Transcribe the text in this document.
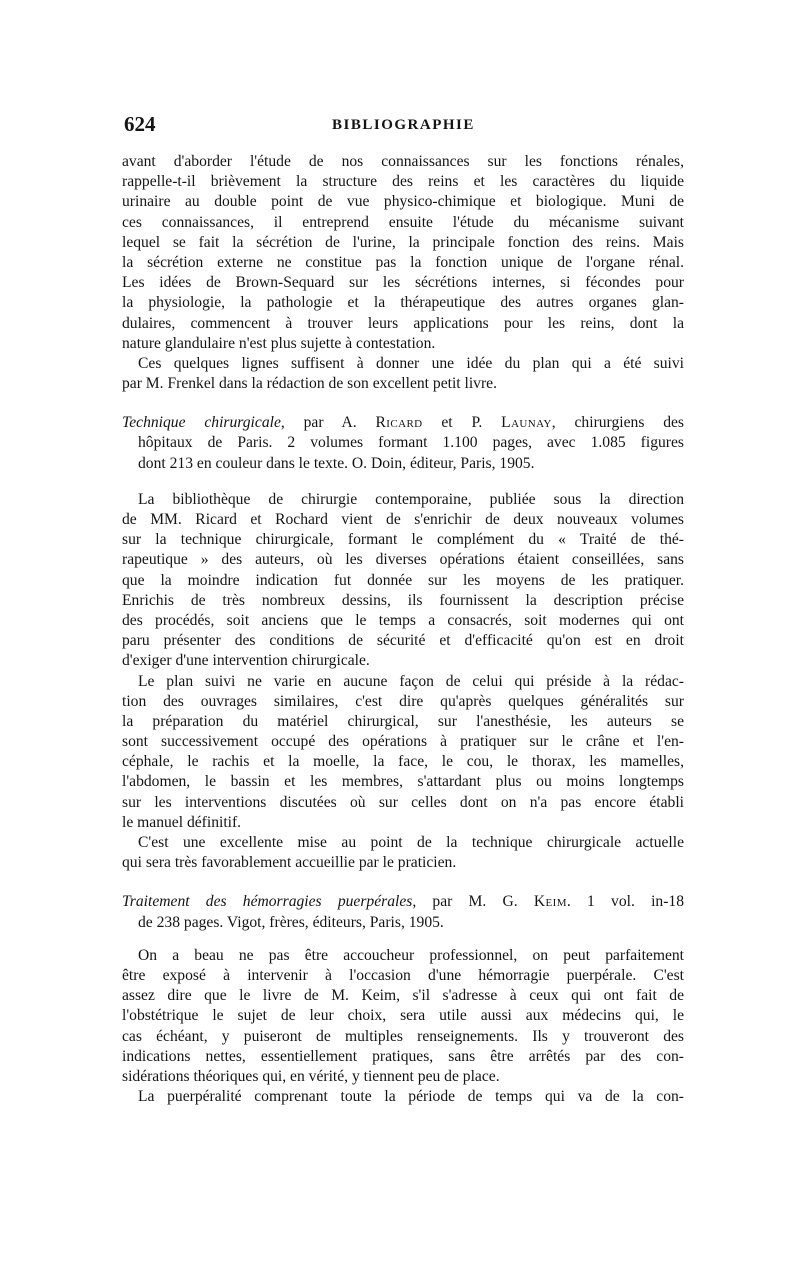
624	BIBLIOGRAPHIE
avant d'aborder l'étude de nos connaissances sur les fonctions rénales,
rappelle-t-il brièvement la structure des reins et les caractères du liquide
urinaire au double point de vue physico-chimique et biologique. Muni de
ces connaissances, il entreprend ensuite l'étude du mécanisme suivant
lequel se fait la sécrétion de l'urine, la principale fonction des reins. Mais
la sécrétion externe ne constitue pas la fonction unique de l'organe rénal.
Les idées de Brown-Sequard sur les sécrétions internes, si fécondes pour
la physiologie, la pathologie et la thérapeutique des autres organes glan-
dulaires, commencent à trouver leurs applications pour les reins, dont la
nature glandulaire n'est plus sujette à contestation.
Ces quelques lignes suffisent à donner une idée du plan qui a été suivi
par M. Frenkel dans la rédaction de son excellent petit livre.
Technique chirurgicale, par A. Ricard et P. Launay, chirurgiens des
hôpitaux de Paris. 2 volumes formant 1.100 pages, avec 1.085 figures
dont 213 en couleur dans le texte. O. Doin, éditeur, Paris, 1905.
La bibliothèque de chirurgie contemporaine, publiée sous la direction
de MM. Ricard et Rochard vient de s'enrichir de deux nouveaux volumes
sur la technique chirurgicale, formant le complément du « Traité de thé-
rapeutique » des auteurs, où les diverses opérations étaient conseillées, sans
que la moindre indication fut donnée sur les moyens de les pratiquer.
Enrichis de très nombreux dessins, ils fournissent la description précise
des procédés, soit anciens que le temps a consacrés, soit modernes qui ont
paru présenter des conditions de sécurité et d'efficacité qu'on est en droit
d'exiger d'une intervention chirurgicale.
Le plan suivi ne varie en aucune façon de celui qui préside à la rédac-
tion des ouvrages similaires, c'est dire qu'après quelques généralités sur
la préparation du matériel chirurgical, sur l'anesthésie, les auteurs se
sont successivement occupé des opérations à pratiquer sur le crâne et l'en-
céphale, le rachis et la moelle, la face, le cou, le thorax, les mamelles,
l'abdomen, le bassin et les membres, s'attardant plus ou moins longtemps
sur les interventions discutées où sur celles dont on n'a pas encore établi
le manuel définitif.
C'est une excellente mise au point de la technique chirurgicale actuelle
qui sera très favorablement accueillie par le praticien.
Traitement des hémorragies puerpérales, par M. G. Keim. 1 vol. in-18
de 238 pages. Vigot, frères, éditeurs, Paris, 1905.
On a beau ne pas être accoucheur professionnel, on peut parfaitement
être exposé à intervenir à l'occasion d'une hémorragie puerpérale. C'est
assez dire que le livre de M. Keim, s'il s'adresse à ceux qui ont fait de
l'obstétrique le sujet de leur choix, sera utile aussi aux médecins qui, le
cas échéant, y puiseront de multiples renseignements. Ils y trouveront des
indications nettes, essentiellement pratiques, sans être arrêtés par des con-
sidérations théoriques qui, en vérité, y tiennent peu de place.
La puerpéralité comprenant toute la période de temps qui va de la con-
